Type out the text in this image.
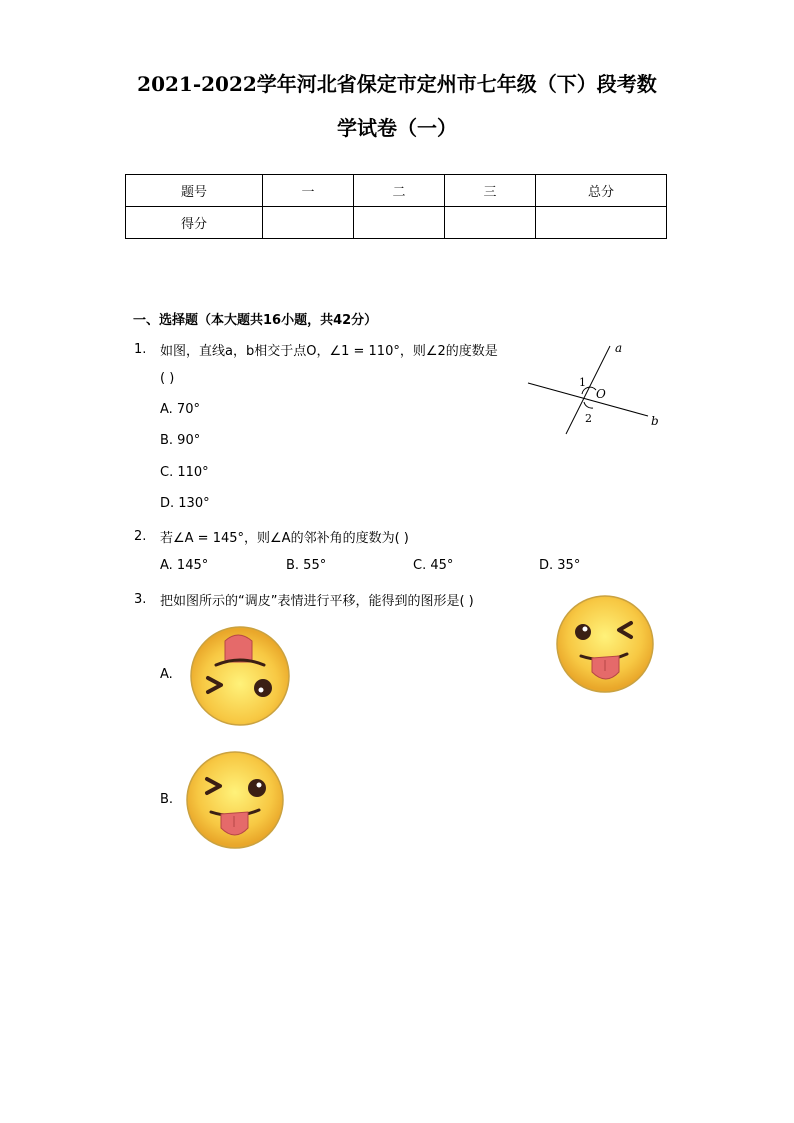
2021-2022学年河北省保定市定州市七年级（下）段考数
学试卷（一）
题号	一	二	三	总分
得分				
一、选择题（本大题共16小题，共42分）
1. 如图，直线a，b相交于点O，∠1 = 110°，则∠2的度数是
( )
A. 70°
B. 90°
C. 110°
D. 130°
a
b
O
1
2
2. 若∠A = 145°，则∠A的邻补角的度数为( )
A. 145°	B. 55°	C. 45°	D. 35°
3. 把如图所示的“调皮”表情进行平移，能得到的图形是( )
A.
B.
